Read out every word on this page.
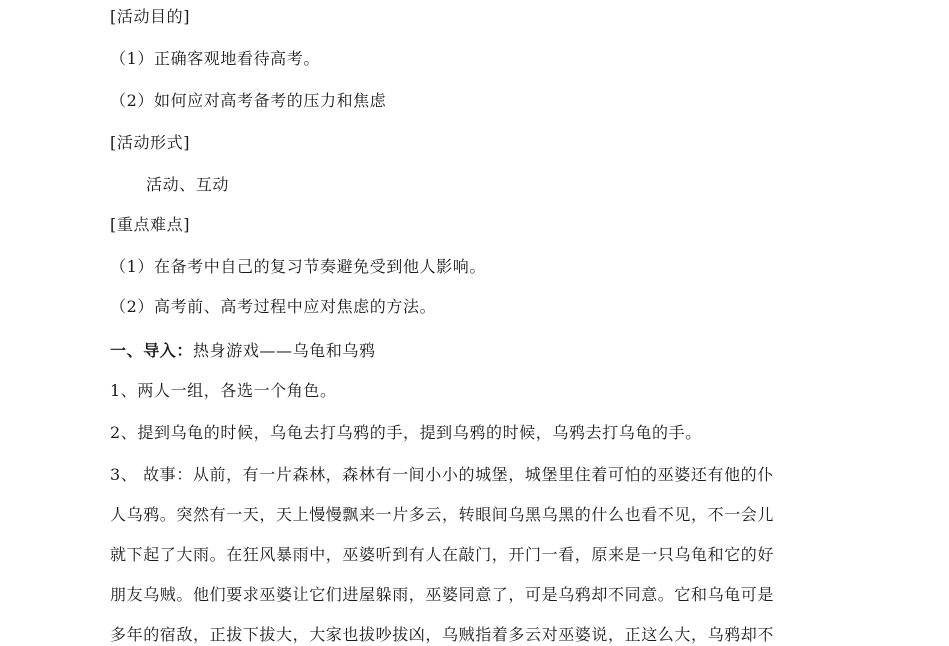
[活动目的]
（1）正确客观地看待高考。
（2）如何应对高考备考的压力和焦虑
[活动形式]
活动、互动
[重点难点]
（1）在备考中自己的复习节奏避免受到他人影响。
（2）高考前、高考过程中应对焦虑的方法。
一、导入：热身游戏——乌龟和乌鸦
1、两人一组，各选一个角色。
2、提到乌龟的时候，乌龟去打乌鸦的手，提到乌鸦的时候，乌鸦去打乌龟的手。
3、 故事：从前，有一片森林，森林有一间小小的城堡，城堡里住着可怕的巫婆还有他的仆
人乌鸦。突然有一天，天上慢慢飘来一片多云，转眼间乌黑乌黑的什么也看不见，不一会儿
就下起了大雨。在狂风暴雨中，巫婆听到有人在敲门，开门一看，原来是一只乌龟和它的好
朋友乌贼。他们要求巫婆让它们进屋躲雨，巫婆同意了，可是乌鸦却不同意。它和乌龟可是
多年的宿敌，正拔下拔大，大家也拔吵拔凶，乌贼指着多云对巫婆说，正这么大，乌鸦却不
